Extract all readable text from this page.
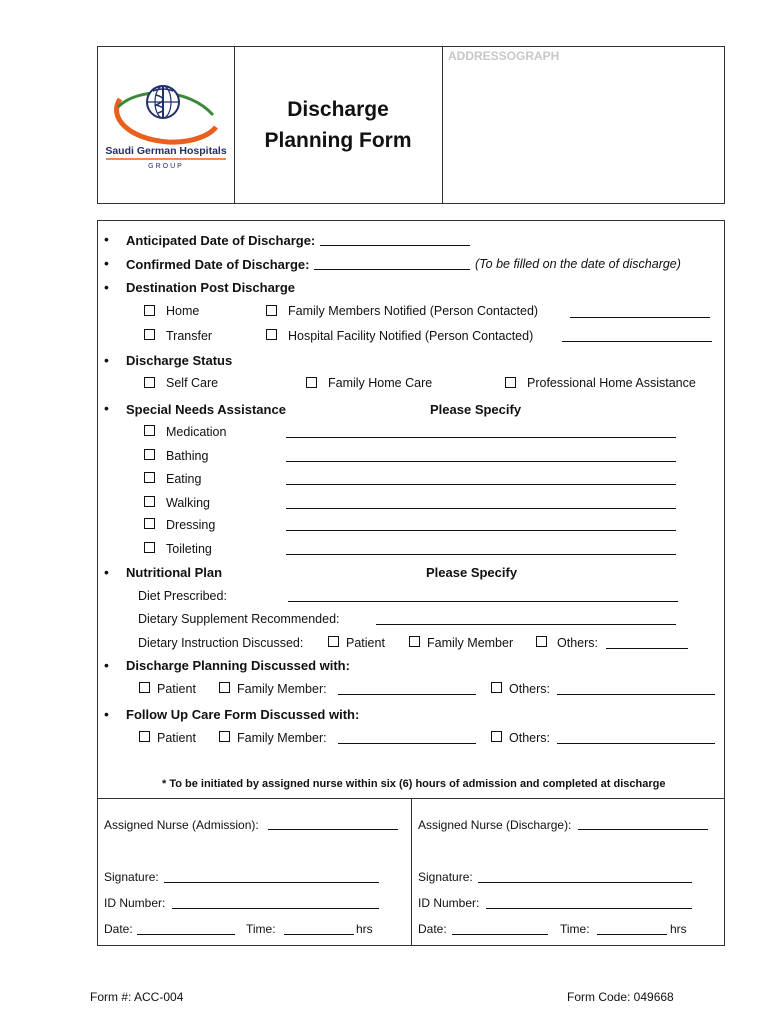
Saudi German Hospitals
GROUP
Discharge
Planning Form
ADDRESSOGRAPH
• Anticipated Date of Discharge:
• Confirmed Date of Discharge:	(To be filled on the date of discharge)
• Destination Post Discharge
Home	Family Members Notified (Person Contacted)
Transfer	Hospital Facility Notified (Person Contacted)
• Discharge Status
Self Care	Family Home Care	Professional Home Assistance
• Special Needs Assistance	Please Specify
Medication
Bathing
Eating
Walking
Dressing
Toileting
• Nutritional Plan	Please Specify
Diet Prescribed:
Dietary Supplement Recommended:
Dietary Instruction Discussed:	Patient	Family Member	Others:
• Discharge Planning Discussed with:
Patient	Family Member:	Others:
• Follow Up Care Form Discussed with:
Patient	Family Member:	Others:
* To be initiated by assigned nurse within six (6) hours of admission and completed at discharge
Assigned Nurse (Admission):
Signature:
ID Number:
Date:	Time:	hrs
Assigned Nurse (Discharge):
Signature:
ID Number:
Date:	Time:	hrs
Form #: ACC-004	Form Code: 049668
